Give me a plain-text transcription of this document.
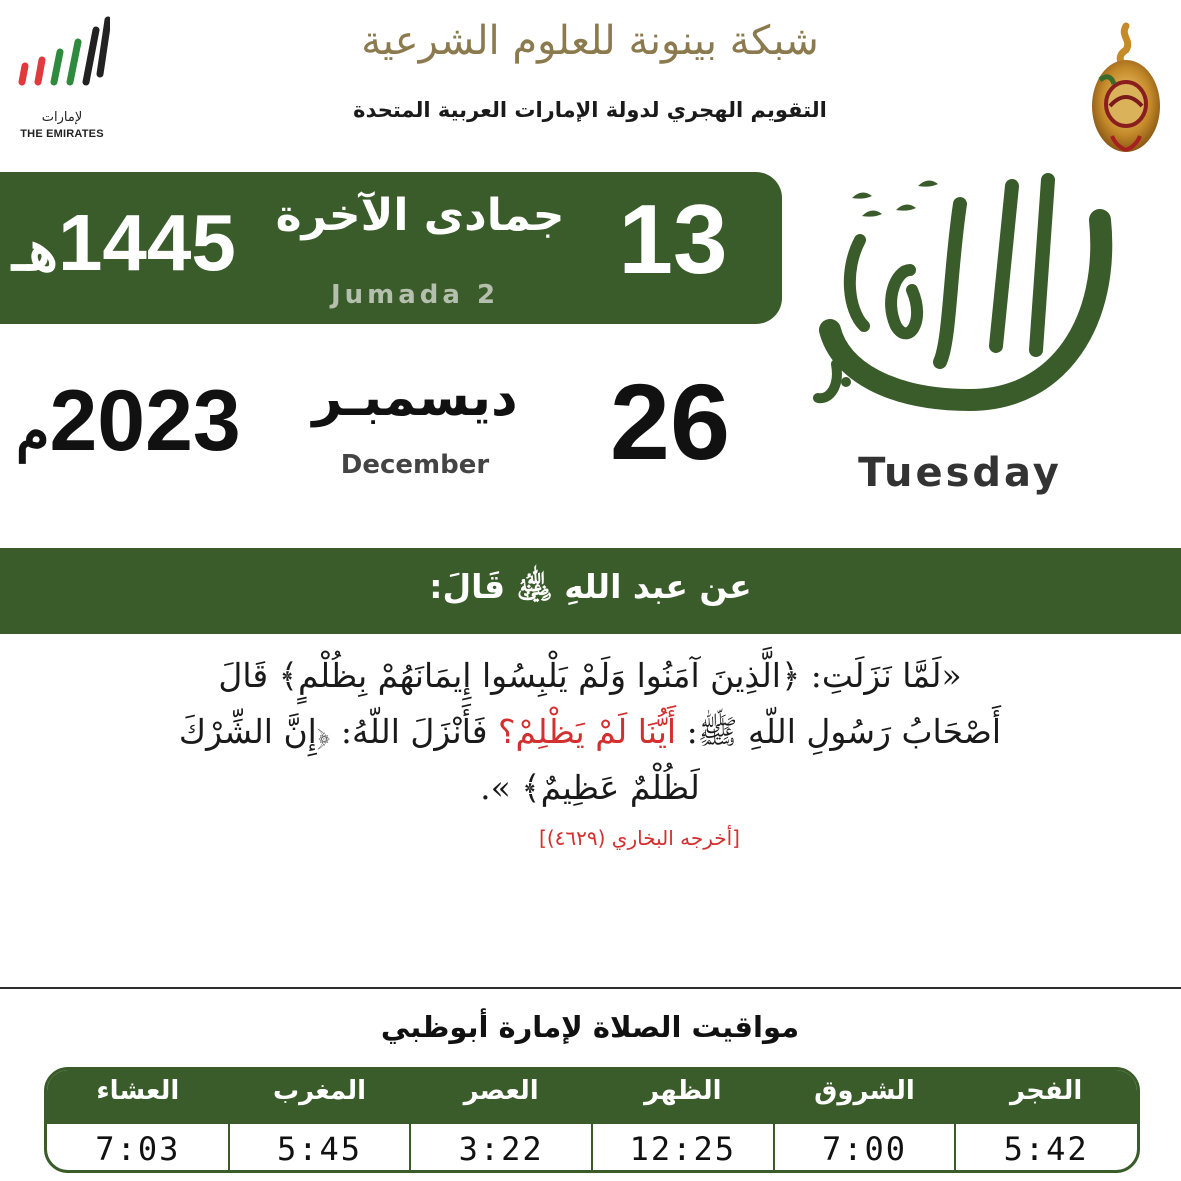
لإمارات
THE EMIRATES
شبكة بينونة للعلوم الشرعية
التقويم الهجري لدولة الإمارات العربية المتحدة
13
جمادى الآخرة
Jumada 2
1445هـ
26
ديسمبـر
December
2023م
Tuesday
عن عبد اللهِ ﵁ قَالَ:
«لَمَّا نَزَلَتِ: ﴿الَّذِينَ آمَنُوا وَلَمْ يَلْبِسُوا إِيمَانَهُمْ بِظُلْمٍ﴾ قَالَ
أَصْحَابُ رَسُولِ اللّهِ ﷺ: أَيُّنَا لَمْ يَظْلِمْ؟ فَأَنْزَلَ اللّهُ: ﴿إِنَّ الشِّرْكَ
لَظُلْمٌ عَظِيمٌ﴾ ».
[أخرجه البخاري (٤٦٢٩)]
مواقيت الصلاة لإمارة أبوظبي
الفجر
5:42
الشروق
7:00
الظهر
12:25
العصر
3:22
المغرب
5:45
العشاء
7:03
